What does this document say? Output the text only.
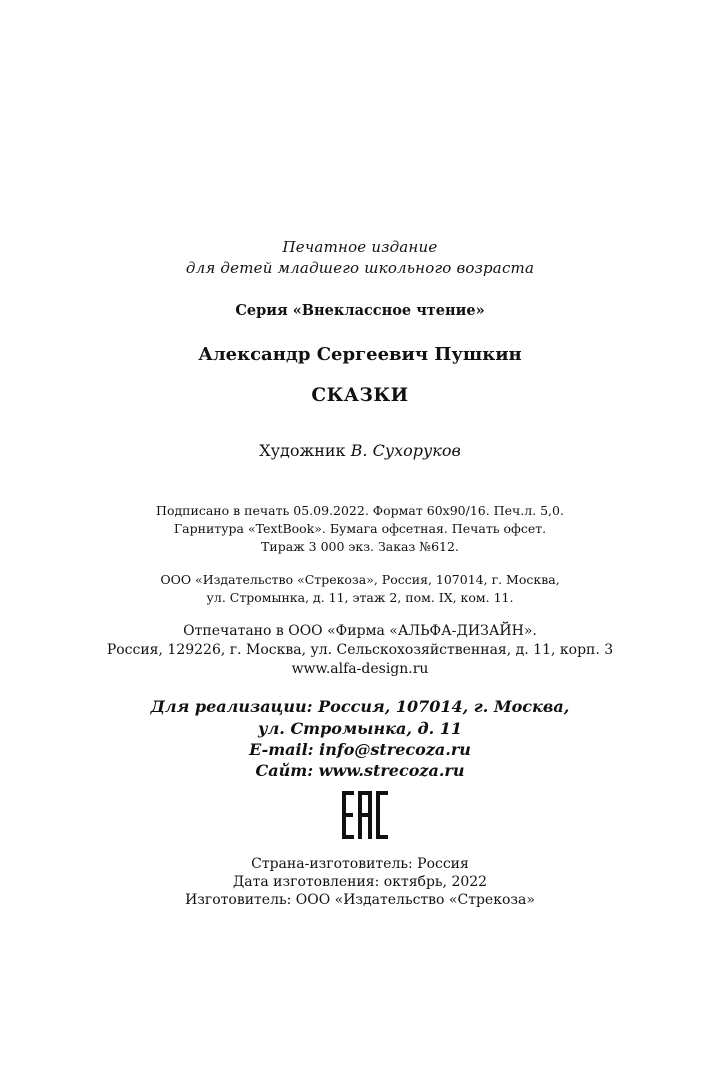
Печатное издание
для детей младшего школьного возраста
Серия «Внеклассное чтение»
Александр Сергеевич Пушкин
СКАЗКИ
Художник В. Сухоруков
Подписано в печать 05.09.2022. Формат 60x90/16. Печ.л. 5,0.
Гарнитура «TextBook». Бумага офсетная. Печать офсет.
Тираж 3 000 экз. Заказ №612.
ООО «Издательство «Стрекоза», Россия, 107014, г. Москва,
ул. Стромынка, д. 11, этаж 2, пом. IX, ком. 11.
Отпечатано в ООО «Фирма «АЛЬФА-ДИЗАЙН».
Россия, 129226, г. Москва, ул. Сельскохозяйственная, д. 11, корп. 3
www.alfa-design.ru
Для реализации: Россия, 107014, г. Москва,
ул. Стромынка, д. 11
E-mail: info@strecoza.ru
Сайт: www.strecoza.ru
Страна-изготовитель: Россия
Дата изготовления: октябрь, 2022
Изготовитель: ООО «Издательство «Стрекоза»
